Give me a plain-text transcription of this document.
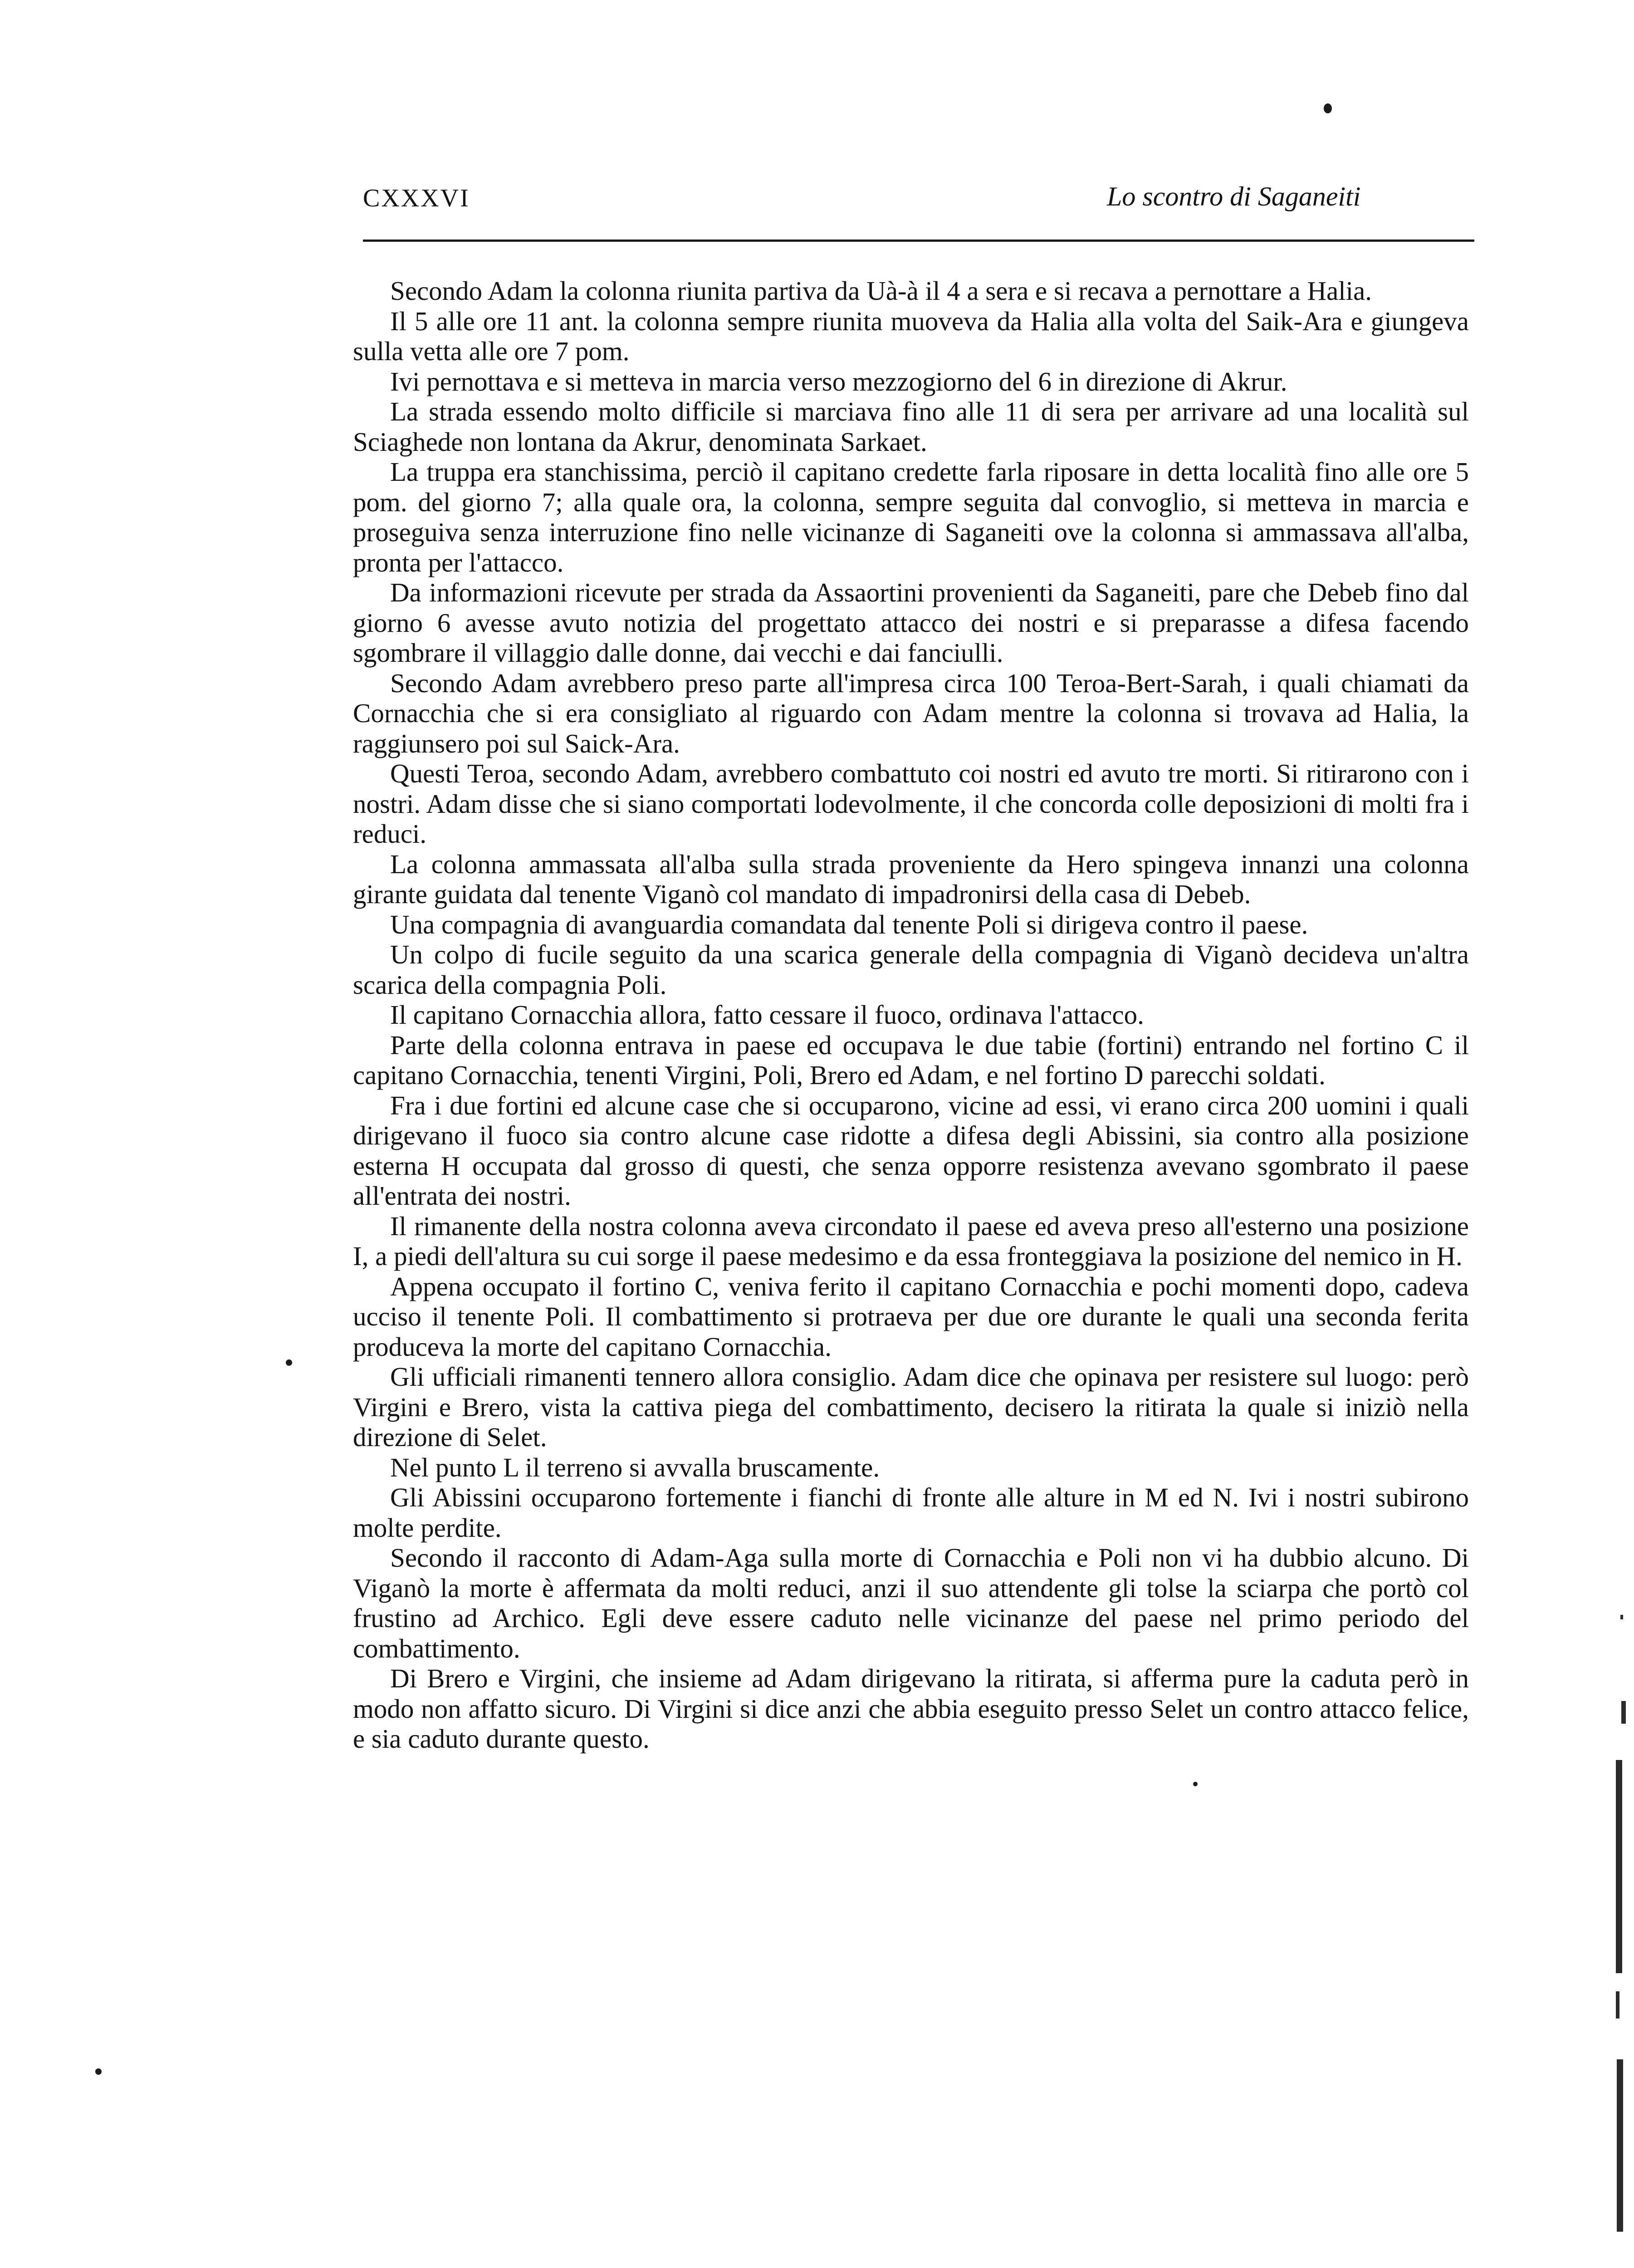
CXXXVI	Lo scontro di Saganeiti

Secondo Adam la colonna riunita partiva da Uà-à il 4 a sera e si recava a pernottare a Halia.

Il 5 alle ore 11 ant. la colonna sempre riunita muoveva da Halia alla volta del Saik-Ara e giungeva sulla vetta alle ore 7 pom.

Ivi pernottava e si metteva in marcia verso mezzogiorno del 6 in direzione di Akrur.

La strada essendo molto difficile si marciava fino alle 11 di sera per arrivare ad una località sul Sciaghede non lontana da Akrur, denominata Sarkaet.

La truppa era stanchissima, perciò il capitano credette farla riposare in detta località fino alle ore 5 pom. del giorno 7; alla quale ora, la colonna, sempre seguita dal convoglio, si metteva in marcia e proseguiva senza interruzione fino nelle vicinanze di Saganeiti ove la colonna si ammassava all'alba, pronta per l'attacco.

Da informazioni ricevute per strada da Assaortini provenienti da Saganeiti, pare che Debeb fino dal giorno 6 avesse avuto notizia del progettato attacco dei nostri e si preparasse a difesa facendo sgombrare il villaggio dalle donne, dai vecchi e dai fanciulli.

Secondo Adam avrebbero preso parte all'impresa circa 100 Teroa-Bert-Sarah, i quali chiamati da Cornacchia che si era consigliato al riguardo con Adam mentre la colonna si trovava ad Halia, la raggiunsero poi sul Saick-Ara.

Questi Teroa, secondo Adam, avrebbero combattuto coi nostri ed avuto tre morti. Si ritirarono con i nostri. Adam disse che si siano comportati lodevolmente, il che concorda colle deposizioni di molti fra i reduci.

La colonna ammassata all'alba sulla strada proveniente da Hero spingeva innanzi una colonna girante guidata dal tenente Viganò col mandato di impadronirsi della casa di Debeb.

Una compagnia di avanguardia comandata dal tenente Poli si dirigeva contro il paese.

Un colpo di fucile seguito da una scarica generale della compagnia di Viganò decideva un'altra scarica della compagnia Poli.

Il capitano Cornacchia allora, fatto cessare il fuoco, ordinava l'attacco.

Parte della colonna entrava in paese ed occupava le due tabie (fortini) entrando nel fortino C il capitano Cornacchia, tenenti Virgini, Poli, Brero ed Adam, e nel fortino D parecchi soldati.

Fra i due fortini ed alcune case che si occuparono, vicine ad essi, vi erano circa 200 uomini i quali dirigevano il fuoco sia contro alcune case ridotte a difesa degli Abissini, sia contro alla posizione esterna H occupata dal grosso di questi, che senza opporre resistenza avevano sgombrato il paese all'entrata dei nostri.

Il rimanente della nostra colonna aveva circondato il paese ed aveva preso all'esterno una posizione I, a piedi dell'altura su cui sorge il paese medesimo e da essa fronteggiava la posizione del nemico in H.

Appena occupato il fortino C, veniva ferito il capitano Cornacchia e pochi momenti dopo, cadeva ucciso il tenente Poli. Il combattimento si protraeva per due ore durante le quali una seconda ferita produceva la morte del capitano Cornacchia.

Gli ufficiali rimanenti tennero allora consiglio. Adam dice che opinava per resistere sul luogo: però Virgini e Brero, vista la cattiva piega del combattimento, decisero la ritirata la quale si iniziò nella direzione di Selet.

Nel punto L il terreno si avvalla bruscamente.

Gli Abissini occuparono fortemente i fianchi di fronte alle alture in M ed N. Ivi i nostri subirono molte perdite.

Secondo il racconto di Adam-Aga sulla morte di Cornacchia e Poli non vi ha dubbio alcuno. Di Viganò la morte è affermata da molti reduci, anzi il suo attendente gli tolse la sciarpa che portò col frustino ad Archico. Egli deve essere caduto nelle vicinanze del paese nel primo periodo del combattimento.

Di Brero e Virgini, che insieme ad Adam dirigevano la ritirata, si afferma pure la caduta però in modo non affatto sicuro. Di Virgini si dice anzi che abbia eseguito presso Selet un contro attacco felice, e sia caduto durante questo.
